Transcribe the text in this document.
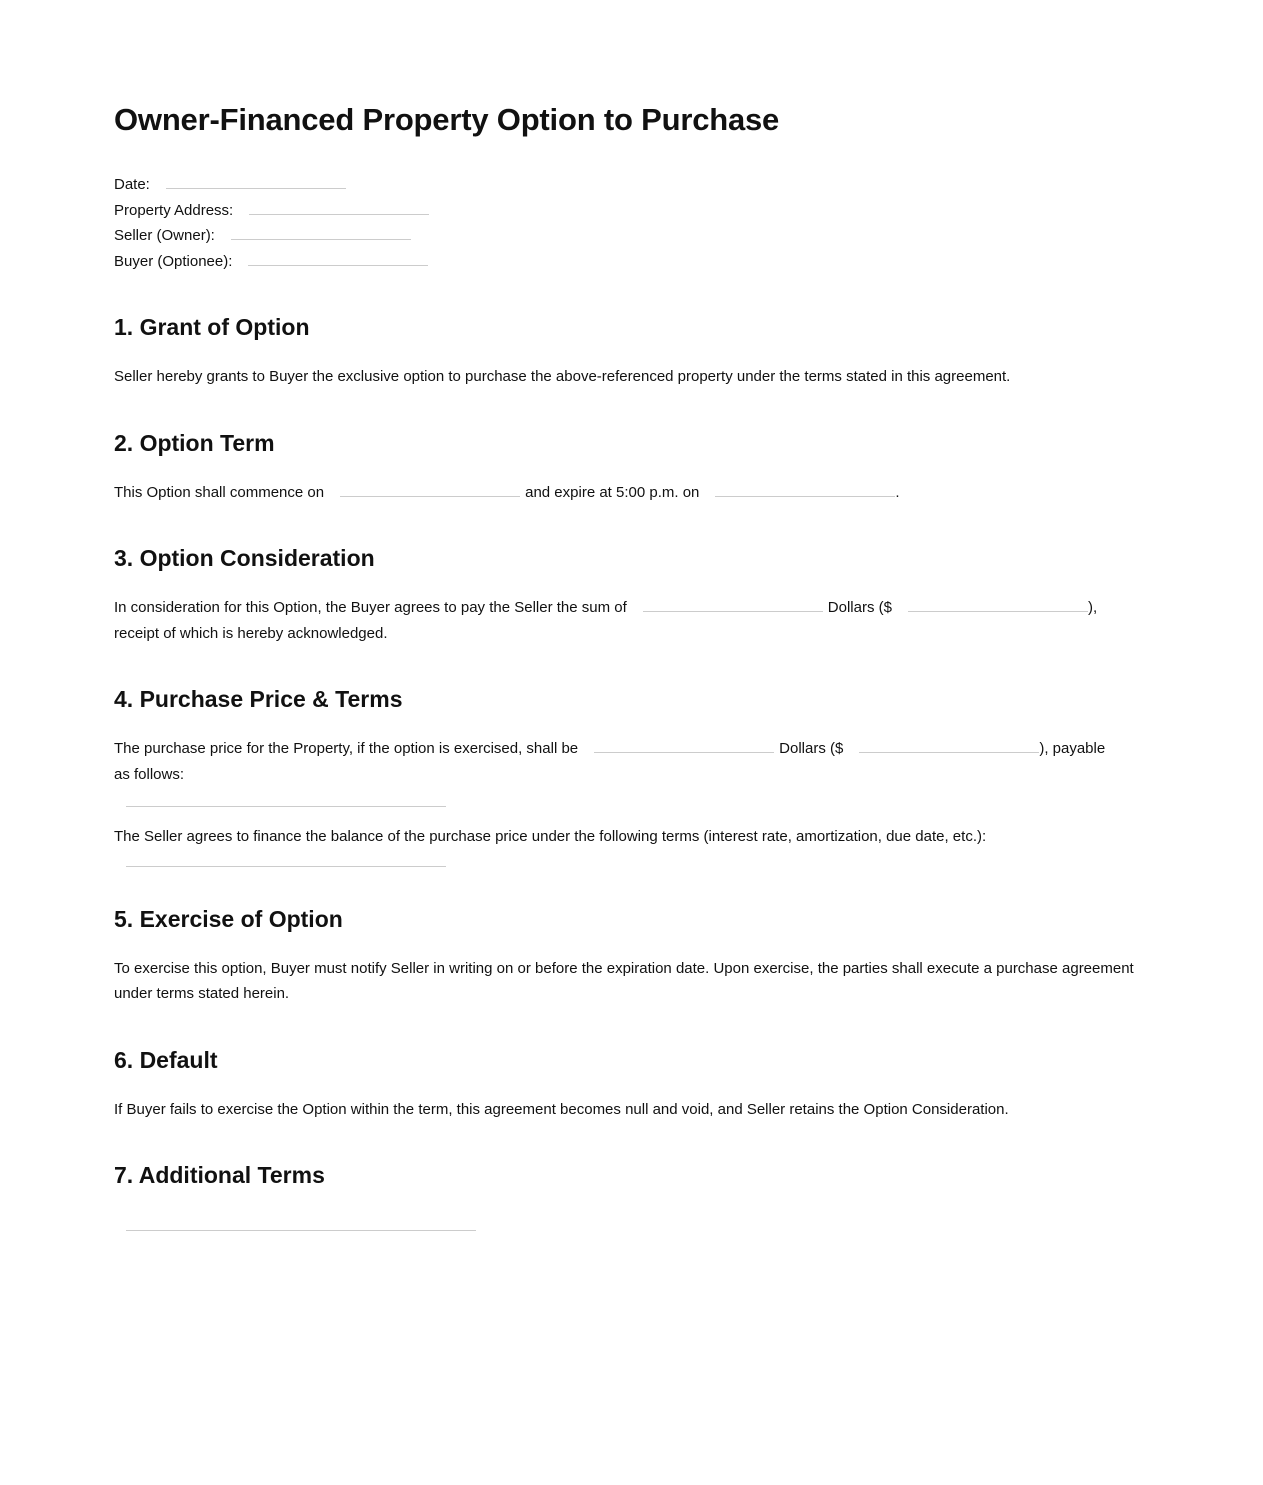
Owner-Financed Property Option to Purchase
Date:
Property Address:
Seller (Owner):
Buyer (Optionee):
1. Grant of Option

Seller hereby grants to Buyer the exclusive option to purchase the above-referenced property under the terms stated in this agreement.

2. Option Term

This Option shall commence on	and expire at 5:00 p.m. on	.

3. Option Consideration

In consideration for this Option, the Buyer agrees to pay the Seller the sum of	Dollars ($	),
receipt of which is hereby acknowledged.

4. Purchase Price & Terms

The purchase price for the Property, if the option is exercised, shall be	Dollars ($	), payable
as follows:

The Seller agrees to finance the balance of the purchase price under the following terms (interest rate, amortization, due date, etc.):

5. Exercise of Option

To exercise this option, Buyer must notify Seller in writing on or before the expiration date. Upon exercise, the parties shall execute a purchase agreement under terms stated herein.

6. Default

If Buyer fails to exercise the Option within the term, this agreement becomes null and void, and Seller retains the Option Consideration.

7. Additional Terms
